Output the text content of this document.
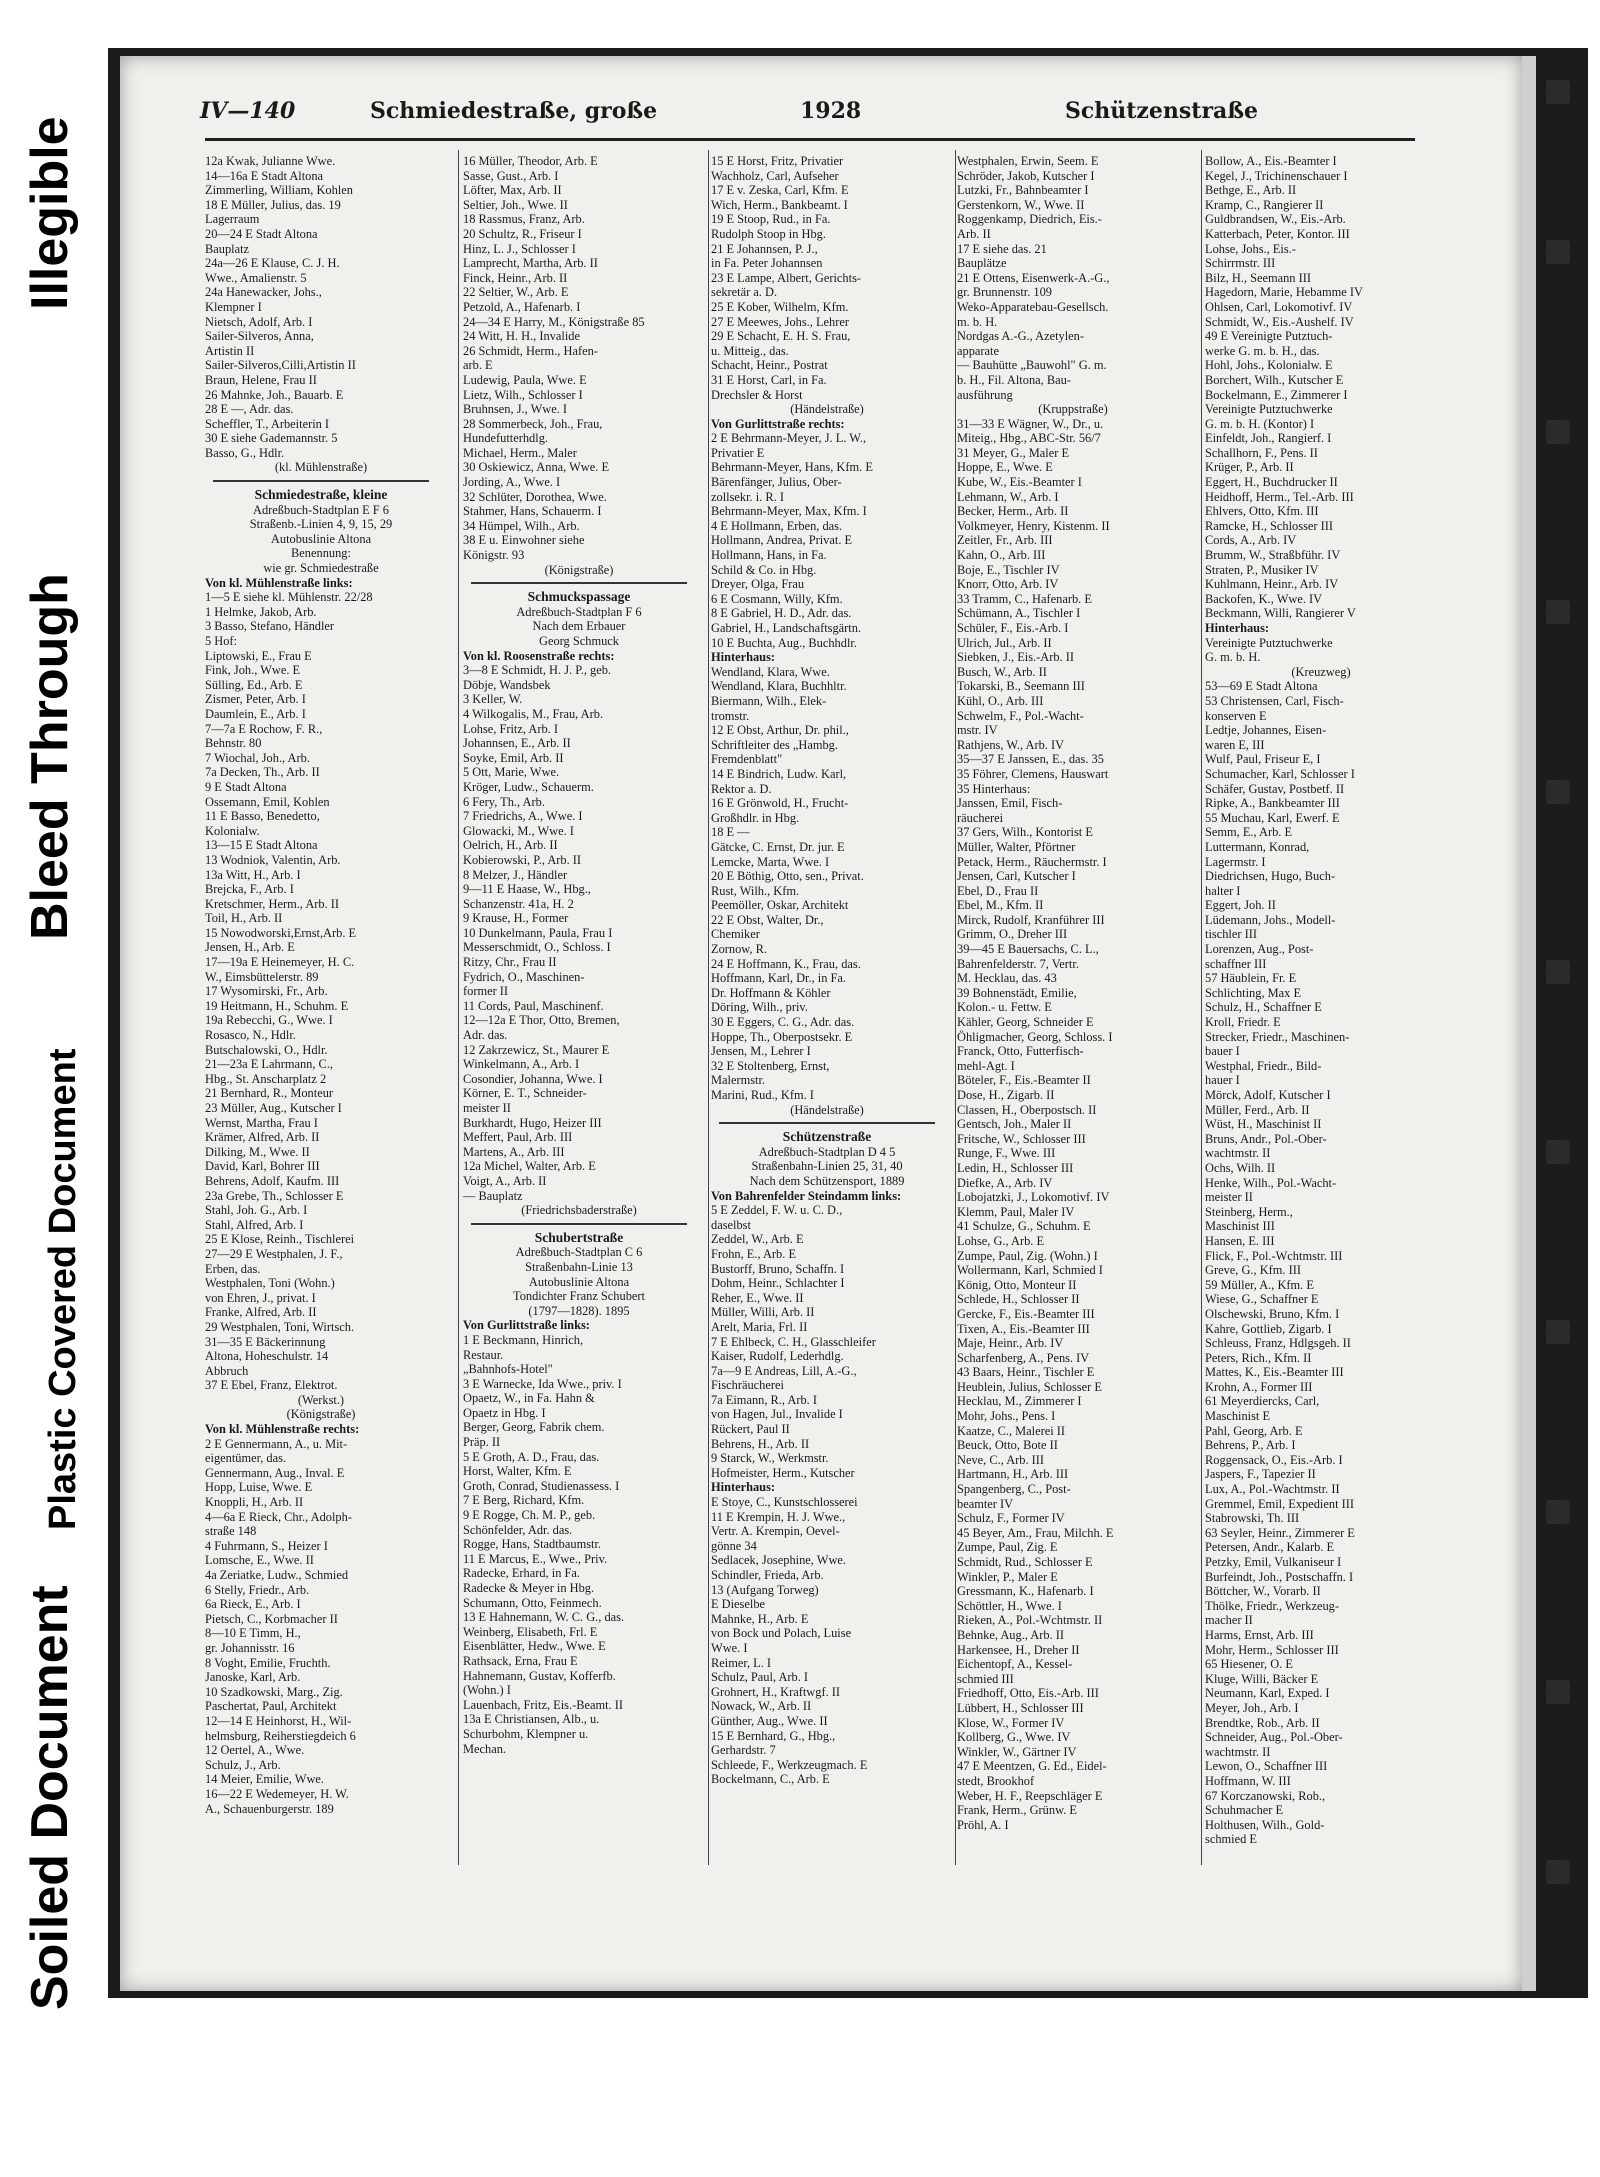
Illegible
Bleed Through
Plastic Covered Document
Soiled Document
IV—140	Schmiedestraße, große	1928	Schützenstraße
12a Kwak, Julianne Wwe.
14—16a E Stadt Altona
Zimmerling, William, Kohlen
18 E Müller, Julius, das. 19
Lagerraum
20—24 E Stadt Altona
Bauplatz
24a—26 E Klause, C. J. H.
Wwe., Amalienstr. 5
24a Hanewacker, Johs.,
Klempner I
Nietsch, Adolf, Arb. I
Sailer-Silveros, Anna,
Artistin II
Sailer-Silveros,Cilli,Artistin II
Braun, Helene, Frau II
26 Mahnke, Joh., Bauarb. E
28 E —, Adr. das.
Scheffler, T., Arbeiterin I
30 E siehe Gademannstr. 5
Basso, G., Hdlr.
(kl. Mühlenstraße)
Schmiedestraße, kleine
Adreßbuch-Stadtplan E F 6
Straßenb.-Linien 4, 9, 15, 29
Autobuslinie Altona
Benennung:
wie gr. Schmiedestraße
Von kl. Mühlenstraße links:
1—5 E siehe kl. Mühlenstr. 22/28
1 Helmke, Jakob, Arb.
3 Basso, Stefano, Händler
5 Hof:
Liptowski, E., Frau E
Fink, Joh., Wwe. E
Sülling, Ed., Arb. E
Zismer, Peter, Arb. I
Daumlein, E., Arb. I
7—7a E Rochow, F. R.,
Behnstr. 80
7 Wiochal, Joh., Arb.
7a Decken, Th., Arb. II
9 E Stadt Altona
Ossemann, Emil, Kohlen
11 E Basso, Benedetto,
Kolonialw.
13—15 E Stadt Altona
13 Wodniok, Valentin, Arb.
13a Witt, H., Arb. I
Brejcka, F., Arb. I
Kretschmer, Herm., Arb. II
Toil, H., Arb. II
15 Nowodworski,Ernst,Arb. E
Jensen, H., Arb. E
17—19a E Heinemeyer, H. C.
W., Eimsbüttelerstr. 89
17 Wysomirski, Fr., Arb.
19 Heitmann, H., Schuhm. E
19a Rebecchi, G., Wwe. I
Rosasco, N., Hdlr.
Butschalowski, O., Hdlr.
21—23a E Lahrmann, C.,
Hbg., St. Anscharplatz 2
21 Bernhard, R., Monteur
23 Müller, Aug., Kutscher I
Wernst, Martha, Frau I
Krämer, Alfred, Arb. II
Dilking, M., Wwe. II
David, Karl, Bohrer III
Behrens, Adolf, Kaufm. III
23a Grebe, Th., Schlosser E
Stahl, Joh. G., Arb. I
Stahl, Alfred, Arb. I
25 E Klose, Reinh., Tischlerei
27—29 E Westphalen, J. F.,
Erben, das.
Westphalen, Toni (Wohn.)
von Ehren, J., privat. I
Franke, Alfred, Arb. II
29 Westphalen, Toni, Wirtsch.
31—35 E Bäckerinnung
Altona, Hoheschulstr. 14
Abbruch
37 E Ebel, Franz, Elektrot.
(Werkst.)
(Königstraße)
Von kl. Mühlenstraße rechts:
2 E Gennermann, A., u. Mit-
eigentümer, das.
Gennermann, Aug., Inval. E
Hopp, Luise, Wwe. E
Knoppli, H., Arb. II
4—6a E Rieck, Chr., Adolph-
straße 148
4 Fuhrmann, S., Heizer I
Lomsche, E., Wwe. II
4a Zeriatke, Ludw., Schmied
6 Stelly, Friedr., Arb.
6a Rieck, E., Arb. I
Pietsch, C., Korbmacher II
8—10 E Timm, H.,
gr. Johannisstr. 16
8 Voght, Emilie, Fruchth.
Janoske, Karl, Arb.
10 Szadkowski, Marg., Zig.
Paschertat, Paul, Architekt
12—14 E Heinhorst, H., Wil-
helmsburg, Reiherstiegdeich 6
12 Oertel, A., Wwe.
Schulz, J., Arb.
14 Meier, Emilie, Wwe.
16—22 E Wedemeyer, H. W.
A., Schauenburgerstr. 189
16 Müller, Theodor, Arb. E
Sasse, Gust., Arb. I
Löfter, Max, Arb. II
Seltier, Joh., Wwe. II
18 Rassmus, Franz, Arb.
20 Schultz, R., Friseur I
Hinz, L. J., Schlosser I
Lamprecht, Martha, Arb. II
Finck, Heinr., Arb. II
22 Seltier, W., Arb. E
Petzold, A., Hafenarb. I
24—34 E Harry, M., Königstraße 85
24 Witt, H. H., Invalide
26 Schmidt, Herm., Hafen-
arb. E
Ludewig, Paula, Wwe. E
Lietz, Wilh., Schlosser I
Bruhnsen, J., Wwe. I
28 Sommerbeck, Joh., Frau,
Hundefutterhdlg.
Michael, Herm., Maler
30 Oskiewicz, Anna, Wwe. E
Jording, A., Wwe. I
32 Schlüter, Dorothea, Wwe.
Stahmer, Hans, Schauerm. I
34 Hümpel, Wilh., Arb.
38 E u. Einwohner siehe
Königstr. 93
(Königstraße)
Schmuckspassage
Adreßbuch-Stadtplan F 6
Nach dem Erbauer
Georg Schmuck
Von kl. Roosenstraße rechts:
3—8 E Schmidt, H. J. P., geb.
Döbje, Wandsbek
3 Keller, W.
4 Wilkogalis, M., Frau, Arb.
Lohse, Fritz, Arb. I
Johannsen, E., Arb. II
Soyke, Emil, Arb. II
5 Ott, Marie, Wwe.
Kröger, Ludw., Schauerm.
6 Fery, Th., Arb.
7 Friedrichs, A., Wwe. I
Glowacki, M., Wwe. I
Oelrich, H., Arb. II
Kobierowski, P., Arb. II
8 Melzer, J., Händler
9—11 E Haase, W., Hbg.,
Schanzenstr. 41a, H. 2
9 Krause, H., Former
10 Dunkelmann, Paula, Frau I
Messerschmidt, O., Schloss. I
Ritzy, Chr., Frau II
Fydrich, O., Maschinen-
former II
11 Cords, Paul, Maschinenf.
12—12a E Thor, Otto, Bremen,
Adr. das.
12 Zakrzewicz, St., Maurer E
Winkelmann, A., Arb. I
Cosondier, Johanna, Wwe. I
Körner, E. T., Schneider-
meister II
Burkhardt, Hugo, Heizer III
Meffert, Paul, Arb. III
Martens, A., Arb. III
12a Michel, Walter, Arb. E
Voigt, A., Arb. II
— Bauplatz
(Friedrichsbaderstraße)
Schubertstraße
Adreßbuch-Stadtplan C 6
Straßenbahn-Linie 13
Autobuslinie Altona
Tondichter Franz Schubert
(1797—1828). 1895
Von Gurlittstraße links:
1 E Beckmann, Hinrich,
Restaur.
„Bahnhofs-Hotel"
3 E Warnecke, Ida Wwe., priv. I
Opaetz, W., in Fa. Hahn &
Opaetz in Hbg. I
Berger, Georg, Fabrik chem.
Präp. II
5 E Groth, A. D., Frau, das.
Horst, Walter, Kfm. E
Groth, Conrad, Studienassess. I
7 E Berg, Richard, Kfm.
9 E Rogge, Ch. M. P., geb.
Schönfelder, Adr. das.
Rogge, Hans, Stadtbaumstr.
11 E Marcus, E., Wwe., Priv.
Radecke, Erhard, in Fa.
Radecke & Meyer in Hbg.
Schumann, Otto, Feinmech.
13 E Hahnemann, W. C. G., das.
Weinberg, Elisabeth, Frl. E
Eisenblätter, Hedw., Wwe. E
Rathsack, Erna, Frau E
Hahnemann, Gustav, Kofferfb.
(Wohn.) I
Lauenbach, Fritz, Eis.-Beamt. II
13a E Christiansen, Alb., u.
Schurbohm, Klempner u.
Mechan.
15 E Horst, Fritz, Privatier
Wachholz, Carl, Aufseher
17 E v. Zeska, Carl, Kfm. E
Wich, Herm., Bankbeamt. I
19 E Stoop, Rud., in Fa.
Rudolph Stoop in Hbg.
21 E Johannsen, P. J.,
in Fa. Peter Johannsen
23 E Lampe, Albert, Gerichts-
sekretär a. D.
25 E Kober, Wilhelm, Kfm.
27 E Meewes, Johs., Lehrer
29 E Schacht, E. H. S. Frau,
u. Mitteig., das.
Schacht, Heinr., Postrat
31 E Horst, Carl, in Fa.
Drechsler & Horst
(Händelstraße)
Von Gurlittstraße rechts:
2 E Behrmann-Meyer, J. L. W.,
Privatier E
Behrmann-Meyer, Hans, Kfm. E
Bärenfänger, Julius, Ober-
zollsekr. i. R. I
Behrmann-Meyer, Max, Kfm. I
4 E Hollmann, Erben, das.
Hollmann, Andrea, Privat. E
Hollmann, Hans, in Fa.
Schild & Co. in Hbg.
Dreyer, Olga, Frau
6 E Cosmann, Willy, Kfm.
8 E Gabriel, H. D., Adr. das.
Gabriel, H., Landschaftsgärtn.
10 E Buchta, Aug., Buchhdlr.
Hinterhaus:
Wendland, Klara, Wwe.
Wendland, Klara, Buchhltr.
Biermann, Wilh., Elek-
tromstr.
12 E Obst, Arthur, Dr. phil.,
Schriftleiter des „Hambg.
Fremdenblatt"
14 E Bindrich, Ludw. Karl,
Rektor a. D.
16 E Grönwold, H., Frucht-
Großhdlr. in Hbg.
18 E —
Gätcke, C. Ernst, Dr. jur. E
Lemcke, Marta, Wwe. I
20 E Böthig, Otto, sen., Privat.
Rust, Wilh., Kfm.
Peemöller, Oskar, Architekt
22 E Obst, Walter, Dr.,
Chemiker
Zornow, R.
24 E Hoffmann, K., Frau, das.
Hoffmann, Karl, Dr., in Fa.
Dr. Hoffmann & Köhler
Döring, Wilh., priv.
30 E Eggers, C. G., Adr. das.
Hoppe, Th., Oberpostsekr. E
Jensen, M., Lehrer I
32 E Stoltenberg, Ernst,
Malermstr.
Marini, Rud., Kfm. I
(Händelstraße)
Schützenstraße
Adreßbuch-Stadtplan D 4 5
Straßenbahn-Linien 25, 31, 40
Nach dem Schützensport, 1889
Von Bahrenfelder Steindamm links:
5 E Zeddel, F. W. u. C. D.,
daselbst
Zeddel, W., Arb. E
Frohn, E., Arb. E
Bustorff, Bruno, Schaffn. I
Dohm, Heinr., Schlachter I
Reher, E., Wwe. II
Müller, Willi, Arb. II
Arelt, Maria, Frl. II
7 E Ehlbeck, C. H., Glasschleifer
Kaiser, Rudolf, Lederhdlg.
7a—9 E Andreas, Lill, A.-G.,
Fischräucherei
7a Eimann, R., Arb. I
von Hagen, Jul., Invalide I
Rückert, Paul II
Behrens, H., Arb. II
9 Starck, W., Werkmstr.
Hofmeister, Herm., Kutscher
Hinterhaus:
E Stoye, C., Kunstschlosserei
11 E Krempin, H. J. Wwe.,
Vertr. A. Krempin, Oevel-
gönne 34
Sedlacek, Josephine, Wwe.
Schindler, Frieda, Arb.
13 (Aufgang Torweg)
E Dieselbe
Mahnke, H., Arb. E
von Bock und Polach, Luise
Wwe. I
Reimer, L. I
Schulz, Paul, Arb. I
Grohnert, H., Kraftwgf. II
Nowack, W., Arb. II
Günther, Aug., Wwe. II
15 E Bernhard, G., Hbg.,
Gerhardstr. 7
Schleede, F., Werkzeugmach. E
Bockelmann, C., Arb. E
Westphalen, Erwin, Seem. E
Schröder, Jakob, Kutscher I
Lutzki, Fr., Bahnbeamter I
Gerstenkorn, W., Wwe. II
Roggenkamp, Diedrich, Eis.-
Arb. II
17 E siehe das. 21
Bauplätze
21 E Ottens, Eisenwerk-A.-G.,
gr. Brunnenstr. 109
Weko-Apparatebau-Gesellsch.
m. b. H.
Nordgas A.-G., Azetylen-
apparate
— Bauhütte „Bauwohl" G. m.
b. H., Fil. Altona, Bau-
ausführung
(Kruppstraße)
31—33 E Wägner, W., Dr., u.
Miteig., Hbg., ABC-Str. 56/7
31 Meyer, G., Maler E
Hoppe, E., Wwe. E
Kube, W., Eis.-Beamter I
Lehmann, W., Arb. I
Becker, Herm., Arb. II
Volkmeyer, Henry, Kistenm. II
Zeitler, Fr., Arb. III
Kahn, O., Arb. III
Boje, E., Tischler IV
Knorr, Otto, Arb. IV
33 Tramm, C., Hafenarb. E
Schümann, A., Tischler I
Schüler, F., Eis.-Arb. I
Ulrich, Jul., Arb. II
Siebken, J., Eis.-Arb. II
Busch, W., Arb. II
Tokarski, B., Seemann III
Kühl, O., Arb. III
Schwelm, F., Pol.-Wacht-
mstr. IV
Rathjens, W., Arb. IV
35—37 E Janssen, E., das. 35
35 Föhrer, Clemens, Hauswart
35 Hinterhaus:
Janssen, Emil, Fisch-
räucherei
37 Gers, Wilh., Kontorist E
Müller, Walter, Pförtner
Petack, Herm., Räuchermstr. I
Jensen, Carl, Kutscher I
Ebel, D., Frau II
Ebel, M., Kfm. II
Mirck, Rudolf, Kranführer III
Grimm, O., Dreher III
39—45 E Bauersachs, C. L.,
Bahrenfelderstr. 7, Vertr.
M. Hecklau, das. 43
39 Bohnenstädt, Emilie,
Kolon.- u. Fettw. E
Kähler, Georg, Schneider E
Öhligmacher, Georg, Schloss. I
Franck, Otto, Futterfisch-
mehl-Agt. I
Böteler, F., Eis.-Beamter II
Dose, H., Zigarb. II
Classen, H., Oberpostsch. II
Gentsch, Joh., Maler II
Fritsche, W., Schlosser III
Runge, F., Wwe. III
Ledin, H., Schlosser III
Diefke, A., Arb. IV
Lobojatzki, J., Lokomotivf. IV
Klemm, Paul, Maler IV
41 Schulze, G., Schuhm. E
Lohse, G., Arb. E
Zumpe, Paul, Zig. (Wohn.) I
Wollermann, Karl, Schmied I
König, Otto, Monteur II
Schlede, H., Schlosser II
Gercke, F., Eis.-Beamter III
Tixen, A., Eis.-Beamter III
Maje, Heinr., Arb. IV
Scharfenberg, A., Pens. IV
43 Baars, Heinr., Tischler E
Heublein, Julius, Schlosser E
Hecklau, M., Zimmerer I
Mohr, Johs., Pens. I
Kaatze, C., Malerei II
Beuck, Otto, Bote II
Neve, C., Arb. III
Hartmann, H., Arb. III
Spangenberg, C., Post-
beamter IV
Schulz, F., Former IV
45 Beyer, Am., Frau, Milchh. E
Zumpe, Paul, Zig. E
Schmidt, Rud., Schlosser E
Winkler, P., Maler E
Gressmann, K., Hafenarb. I
Schöttler, H., Wwe. I
Rieken, A., Pol.-Wchtmstr. II
Behnke, Aug., Arb. II
Harkensee, H., Dreher II
Eichentopf, A., Kessel-
schmied III
Friedhoff, Otto, Eis.-Arb. III
Lübbert, H., Schlosser III
Klose, W., Former IV
Kollberg, G., Wwe. IV
Winkler, W., Gärtner IV
47 E Meentzen, G. Ed., Eidel-
stedt, Brookhof
Weber, H. F., Reepschläger E
Frank, Herm., Grünw. E
Pröhl, A. I
Bollow, A., Eis.-Beamter I
Kegel, J., Trichinenschauer I
Bethge, E., Arb. II
Kramp, C., Rangierer II
Guldbrandsen, W., Eis.-Arb.
Katterbach, Peter, Kontor. III
Lohse, Johs., Eis.-
Schirrmstr. III
Bilz, H., Seemann III
Hagedorn, Marie, Hebamme IV
Ohlsen, Carl, Lokomotivf. IV
Schmidt, W., Eis.-Aushelf. IV
49 E Vereinigte Putztuch-
werke G. m. b. H., das.
Hohl, Johs., Kolonialw. E
Borchert, Wilh., Kutscher E
Bockelmann, E., Zimmerer I
Vereinigte Putztuchwerke
G. m. b. H. (Kontor) I
Einfeldt, Joh., Rangierf. I
Schallhorn, F., Pens. II
Krüger, P., Arb. II
Eggert, H., Buchdrucker II
Heidhoff, Herm., Tel.-Arb. III
Ehlvers, Otto, Kfm. III
Ramcke, H., Schlosser III
Cords, A., Arb. IV
Brumm, W., Straßbführ. IV
Straten, P., Musiker IV
Kuhlmann, Heinr., Arb. IV
Backofen, K., Wwe. IV
Beckmann, Willi, Rangierer V
Hinterhaus:
Vereinigte Putztuchwerke
G. m. b. H.
(Kreuzweg)
53—69 E Stadt Altona
53 Christensen, Carl, Fisch-
konserven E
Ledtje, Johannes, Eisen-
waren E, III
Wulf, Paul, Friseur E, I
Schumacher, Karl, Schlosser I
Schäfer, Gustav, Postbetf. II
Ripke, A., Bankbeamter III
55 Muchau, Karl, Ewerf. E
Semm, E., Arb. E
Luttermann, Konrad,
Lagermstr. I
Diedrichsen, Hugo, Buch-
halter I
Eggert, Joh. II
Lüdemann, Johs., Modell-
tischler III
Lorenzen, Aug., Post-
schaffner III
57 Häublein, Fr. E
Schlichting, Max E
Schulz, H., Schaffner E
Kroll, Friedr. E
Strecker, Friedr., Maschinen-
bauer I
Westphal, Friedr., Bild-
hauer I
Mörck, Adolf, Kutscher I
Müller, Ferd., Arb. II
Wüst, H., Maschinist II
Bruns, Andr., Pol.-Ober-
wachtmstr. II
Ochs, Wilh. II
Henke, Wilh., Pol.-Wacht-
meister II
Steinberg, Herm.,
Maschinist III
Hansen, E. III
Flick, F., Pol.-Wchtmstr. III
Greve, G., Kfm. III
59 Müller, A., Kfm. E
Wiese, G., Schaffner E
Olschewski, Bruno, Kfm. I
Kahre, Gottlieb, Zigarb. I
Schleuss, Franz, Hdlgsgeh. II
Peters, Rich., Kfm. II
Mattes, K., Eis.-Beamter III
Krohn, A., Former III
61 Meyerdiercks, Carl,
Maschinist E
Pahl, Georg, Arb. E
Behrens, P., Arb. I
Roggensack, O., Eis.-Arb. I
Jaspers, F., Tapezier II
Lux, A., Pol.-Wachtmstr. II
Gremmel, Emil, Expedient III
Stabrowski, Th. III
63 Seyler, Heinr., Zimmerer E
Petersen, Andr., Kalarb. E
Petzky, Emil, Vulkaniseur I
Burfeindt, Joh., Postschaffn. I
Böttcher, W., Vorarb. II
Thölke, Friedr., Werkzeug-
macher II
Harms, Ernst, Arb. III
Mohr, Herm., Schlosser III
65 Hiesener, O. E
Kluge, Willi, Bäcker E
Neumann, Karl, Exped. I
Meyer, Joh., Arb. I
Brendtke, Rob., Arb. II
Schneider, Aug., Pol.-Ober-
wachtmstr. II
Lewon, O., Schaffner III
Hoffmann, W. III
67 Korczanowski, Rob.,
Schuhmacher E
Holthusen, Wilh., Gold-
schmied E
